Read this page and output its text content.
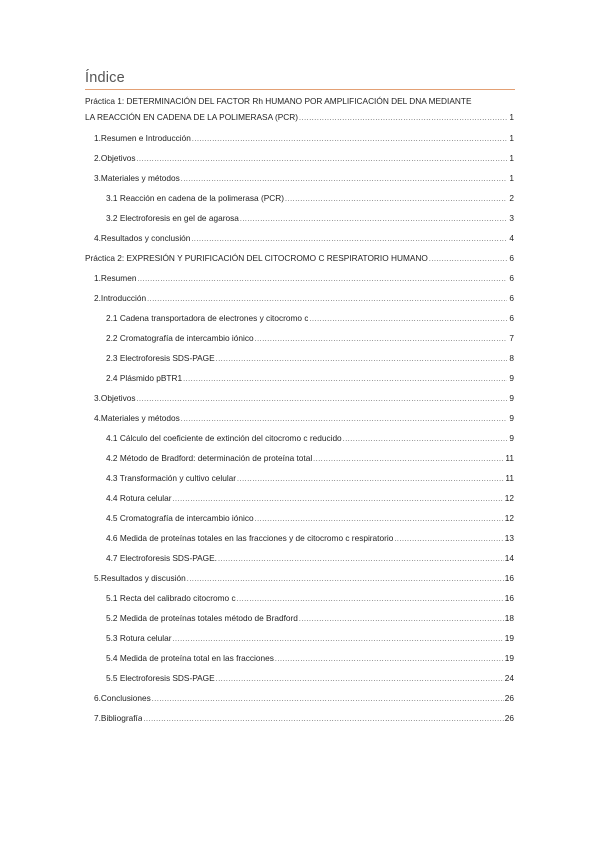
Índice
Práctica 1: DETERMINACIÓN DEL FACTOR Rh HUMANO POR AMPLIFICACIÓN DEL DNA MEDIANTE
LA REACCIÓN EN CADENA DE LA POLIMERASA (PCR) .....	1
1.Resumen e Introducción .....	1
2.Objetivos .....	1
3.Materiales y métodos .....	1
3.1 Reacción en cadena de la polimerasa (PCR) .....	2
3.2 Electroforesis en gel de agarosa .....	3
4.Resultados y conclusión .....	4
Práctica 2: EXPRESIÓN Y PURIFICACIÓN DEL CITOCROMO C RESPIRATORIO HUMANO .....	6
1.Resumen .....	6
2.Introducción .....	6
2.1 Cadena transportadora de electrones y citocromo c .....	6
2.2 Cromatografía de intercambio iónico .....	7
2.3 Electroforesis SDS-PAGE .....	8
2.4 Plásmido pBTR1 .....	9
3.Objetivos .....	9
4.Materiales y métodos .....	9
4.1 Cálculo del coeficiente de extinción del citocromo c reducido .....	9
4.2 Método de Bradford: determinación de proteína total .....	11
4.3 Transformación y cultivo celular .....	11
4.4 Rotura celular .....	12
4.5 Cromatografía de intercambio iónico .....	12
4.6 Medida de proteínas totales en las fracciones y de citocromo c respiratorio .....	13
4.7 Electroforesis SDS-PAGE. .....	14
5.Resultados y discusión .....	16
5.1 Recta del calibrado citocromo c .....	16
5.2 Medida de proteínas totales método de Bradford .....	18
5.3 Rotura celular .....	19
5.4 Medida de proteína total en las fracciones .....	19
5.5 Electroforesis SDS-PAGE .....	24
6.Conclusiones .....	26
7.Bibliografía .....	26
